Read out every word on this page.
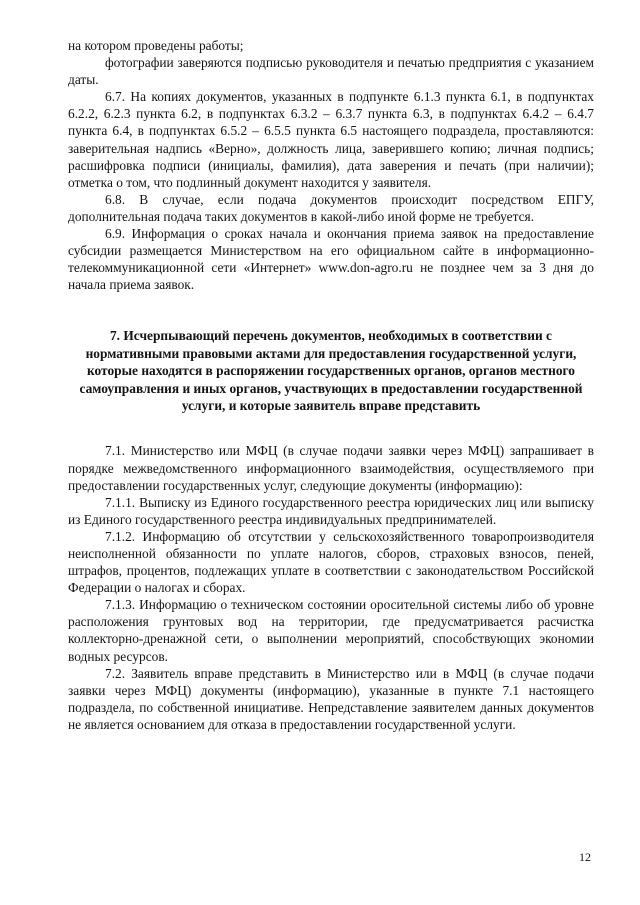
на котором проведены работы;

фотографии заверяются подписью руководителя и печатью предприятия с указанием даты.

6.7. На копиях документов, указанных в подпункте 6.1.3 пункта 6.1, в подпунктах 6.2.2, 6.2.3 пункта 6.2, в подпунктах 6.3.2 – 6.3.7 пункта 6.3, в подпунктах 6.4.2 – 6.4.7 пункта 6.4, в подпунктах 6.5.2 – 6.5.5 пункта 6.5 настоящего подраздела, проставляются: заверительная надпись «Верно», должность лица, заверившего копию; личная подпись; расшифровка подписи (инициалы, фамилия), дата заверения и печать (при наличии); отметка о том, что подлинный документ находится у заявителя.

6.8. В случае, если подача документов происходит посредством ЕПГУ, дополнительная подача таких документов в какой-либо иной форме не требуется.

6.9. Информация о сроках начала и окончания приема заявок на предоставление субсидии размещается Министерством на его официальном сайте в информационно-телекоммуникационной сети «Интернет» www.don-agro.ru не позднее чем за 3 дня до начала приема заявок.

7. Исчерпывающий перечень документов, необходимых в соответствии с нормативными правовыми актами для предоставления государственной услуги, которые находятся в распоряжении государственных органов, органов местного самоуправления и иных органов, участвующих в предоставлении государственной услуги, и которые заявитель вправе представить

7.1. Министерство или МФЦ (в случае подачи заявки через МФЦ) запрашивает в порядке межведомственного информационного взаимодействия, осуществляемого при предоставлении государственных услуг, следующие документы (информацию):

7.1.1. Выписку из Единого государственного реестра юридических лиц или выписку из Единого государственного реестра индивидуальных предпринимателей.

7.1.2. Информацию об отсутствии у сельскохозяйственного товаропроизводителя неисполненной обязанности по уплате налогов, сборов, страховых взносов, пеней, штрафов, процентов, подлежащих уплате в соответствии с законодательством Российской Федерации о налогах и сборах.

7.1.3. Информацию о техническом состоянии оросительной системы либо об уровне расположения грунтовых вод на территории, где предусматривается расчистка коллекторно-дренажной сети, о выполнении мероприятий, способствующих экономии водных ресурсов.

7.2. Заявитель вправе представить в Министерство или в МФЦ (в случае подачи заявки через МФЦ) документы (информацию), указанные в пункте 7.1 настоящего подраздела, по собственной инициативе. Непредставление заявителем данных документов не является основанием для отказа в предоставлении государственной услуги.

12
